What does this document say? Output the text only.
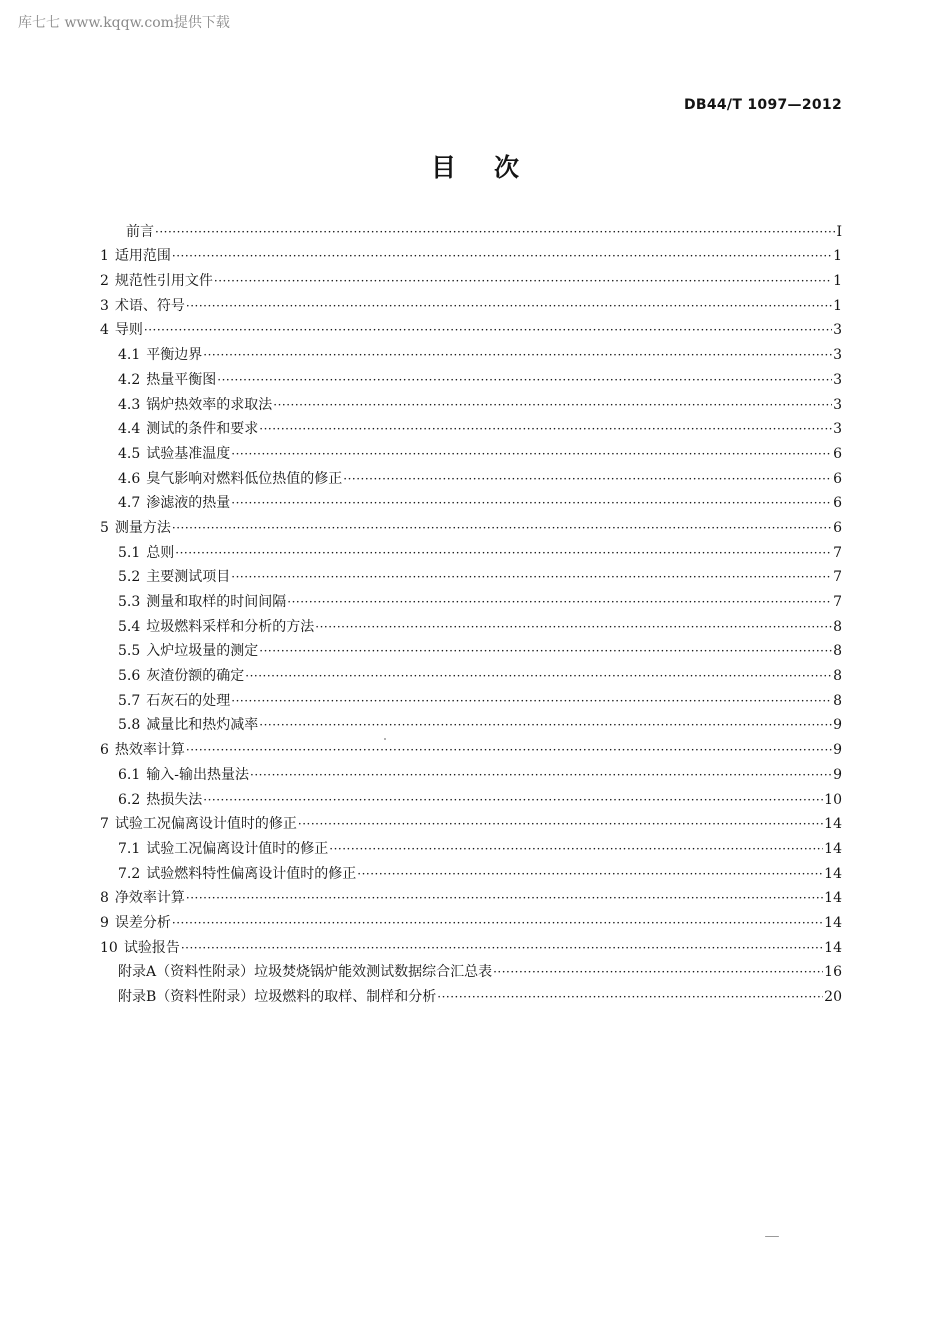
库七七 www.kqqw.com提供下载
DB44/T 1097—2012
目次
前言 ·····	I
1 适用范围 ·····	1
2 规范性引用文件 ·····	1
3 术语、符号 ·····	1
4 导则 ·····	3
4.1 平衡边界 ·····	3
4.2 热量平衡图 ·····	3
4.3 锅炉热效率的求取法 ·····	3
4.4 测试的条件和要求 ·····	3
4.5 试验基准温度 ·····	6
4.6 臭气影响对燃料低位热值的修正 ·····	6
4.7 渗滤液的热量 ·····	6
5 测量方法 ·····	6
5.1 总则 ·····	7
5.2 主要测试项目 ·····	7
5.3 测量和取样的时间间隔 ·····	7
5.4 垃圾燃料采样和分析的方法 ·····	8
5.5 入炉垃圾量的测定 ·····	8
5.6 灰渣份额的确定 ·····	8
5.7 石灰石的处理 ·····	8
5.8 减量比和热灼减率 ·····	9
6 热效率计算 ·····	9
6.1 输入-输出热量法 ·····	9
6.2 热损失法 ·····	10
7 试验工况偏离设计值时的修正 ·····	14
7.1 试验工况偏离设计值时的修正 ·····	14
7.2 试验燃料特性偏离设计值时的修正 ·····	14
8 净效率计算 ·····	14
9 误差分析 ·····	14
10 试验报告 ·····	14
附录A（资料性附录）垃圾焚烧锅炉能效测试数据综合汇总表 ·····	16
附录B（资料性附录）垃圾燃料的取样、制样和分析 ·····	20
